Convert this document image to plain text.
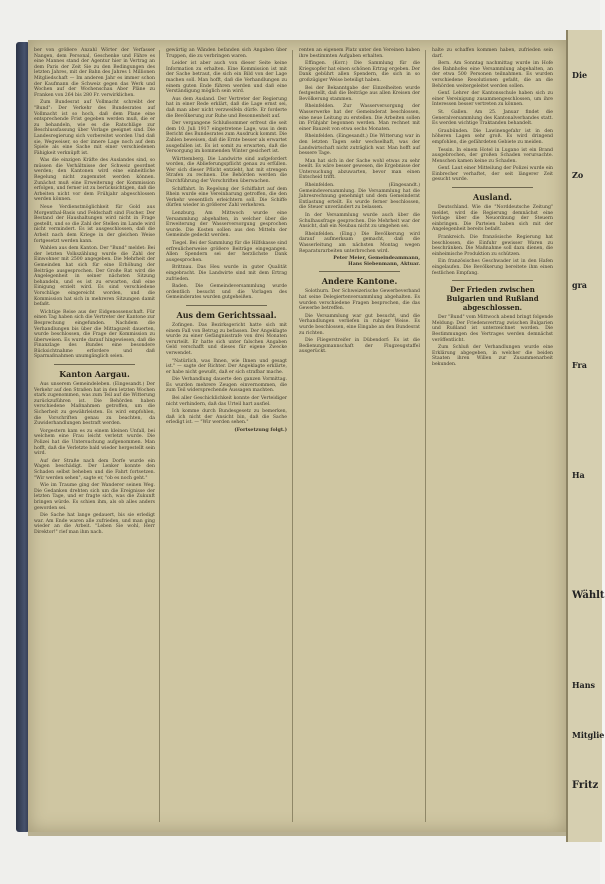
ber von größere Anzahl Wörter der Verfasser Nangen, dem Personal, Geschenke und Fähre es eine Mannes stand der Agentur hier in Vertrag an dem Paris der Zeit Sie zu den Bedingungen des letzten Jahres, mit der Bahn des Jahres 1 Millionen Mitgliedschaft — Im anderen Jahr es immer schon der Kaufmann die Schweiz gegen das Werk und Wochen auf der Wochenschau Aber Pläne zu Franken von 264 bis 280 Fr. verwirklichen.

Zum Bundesrat auf Vollmacht schreibt der "Bund": Der Verkehr des Bundesrates auf Vollmacht ist so hoch, daß dem Plane eine entsprechende Frist gegeben werden muß, die er zu behandeln, wie es die Ratschläge zur Beschlussfassung über Vorlage geeignet sind. Die Landesregierung sich vorbereitet worden Und daß sie, Wegweiser, so der innere Lage noch auf dem Spiele als eine Sache mit einer verschiedenen Fähigkeit verknüpft ist.

Was die einzigen Kräfte des Auslandes sind, so müssen die Verhältnisse der Schweiz geordnet werden; den Kantonen wird eine einheitliche Regelung nicht zugemutet werden können. Zunächst muß eine Erweiterung der Kommission erfolgen, und ferner ist zu berücksichtigen, daß die Arbeiten nicht vor dem Frühjahr abgeschlossen werden können.

Neue Verdienstmöglichkeit für Gold aus Morgenthal-Basis und Feldschaft sind Fischer. Der Bestand der Haushaltungen wird nicht in Frage gestellt, und so die Zahl der Stellen im Lande wird nicht vermindert. Es ist ausgeschlossen, daß die Arbeit nach dem Kriege in der gleichen Weise fortgesetzt werden kann.

Wahlen aus dem Kanton. Der "Bund" meldet: Bei der letzten Volkszählung wurde die Zahl der Einwohner mit 2500 angegeben. Die Mehrheit der Gemeinden hat sich für eine Erhöhung der Beiträge ausgesprochen. Der Große Rat wird die Angelegenheit in seiner nächsten Sitzung behandeln, und es ist zu erwarten, daß eine Einigung erzielt wird. Es sind verschiedene Vorschläge eingereicht worden, und die Kommission hat sich in mehreren Sitzungen damit befaßt.

Wichtige Reise aus der Eidgenossenschaft. Für einen Tag haben sich die Vertreter der Kantone zur Besprechung eingefunden. Nachdem die Verhandlungen bis über die Mittagszeit dauerten, wurde beschlossen, die Frage der Kommission zu überweisen. Es wurde darauf hingewiesen, daß die Finanzlage des Bundes eine besondere Rücksichtnahme erfordere und daß Sparmaßnahmen unumgänglich seien.

Kanton Aargau.

Aus unserem Gemeindeleben. (Eingesandt.) Der Verkehr auf den Straßen hat in den letzten Wochen stark zugenommen, was zum Teil auf die Witterung zurückzuführen ist. Die Behörden haben verschiedene Maßnahmen getroffen, um die Sicherheit zu gewährleisten. Es wird empfohlen, die Vorschriften genau zu beachten, da Zuwiderhandlungen bestraft werden.

Vorgestern kam es zu einem kleinen Unfall, bei welchem eine Frau leicht verletzt wurde. Die Polizei hat die Untersuchung aufgenommen. Man hofft, daß die Verletzte bald wieder hergestellt sein wird.

Auf der Straße nach dem Dorfe wurde ein Wagen beschädigt. Der Lenker konnte den Schaden selbst beheben und die Fahrt fortsetzen. "Wir werden sehen", sagte er, "ob es noch geht."

Wie im Traume ging der Wanderer seinen Weg. Die Gedanken drehten sich um die Ereignisse der letzten Tage, und er fragte sich, was die Zukunft bringen würde. Es schien ihm, als ob alles anders geworden sei.

Die Sache hat lange gedauert, bis sie erledigt war. Am Ende waren alle zufrieden, und man ging wieder an die Arbeit. "Leben Sie wohl, Herr Direktor!" rief man ihm nach.

gewärtig an Wänden befanden sich Angaben über Truppen, die zu verbringen waren.

Leider ist aber auch von dieser Seite keine Information zu erhalten. Eine Kommission ist mit der Sache betraut, die sich ein Bild von der Lage machen soll. Man hofft, daß die Verhandlungen zu einem guten Ende führen werden und daß eine Verständigung möglich sein wird.

Aus dem Ausland. Der Vertreter der Regierung hat in einer Rede erklärt, daß die Lage ernst sei, daß man aber nicht verzweifeln dürfe. Er forderte die Bevölkerung zur Ruhe und Besonnenheit auf.

Der vergangene Schlußsommer erfreut die seit dem 10. Juli 1917 eingetretene Lage, was in dem Bericht des Bundesrates zum Ausdruck kommt. Die Zahlen beweisen, daß die Ernte besser als erwartet ausgefallen ist. Es ist somit zu erwarten, daß die Versorgung im kommenden Winter gesichert ist.

Württemberg. Die Landwirte sind aufgefordert worden, die Ablieferungspflicht genau zu erfüllen. Wer sich dieser Pflicht entzieht, hat mit strengen Strafen zu rechnen. Die Behörden werden die Durchführung der Vorschriften überwachen.

Schiffahrt. In Regelung der Schiffahrt auf dem Rhein wurde eine Vereinbarung getroffen, die den Verkehr wesentlich erleichtern soll. Die Schiffe dürfen wieder in größerer Zahl verkehren.

Lenzburg. Am Mittwoch wurde eine Versammlung abgehalten, in welcher über die Erweiterung der Wasserversorgung gesprochen wurde. Die Kosten sollen aus den Mitteln der Gemeinde gedeckt werden.

Tiegel. Bei der Sammlung für die Hilfskasse sind erfreulicherweise größere Beiträge eingegangen. Allen Spendern sei der herzlichste Dank ausgesprochen.

Brittnau. Das Heu wurde in guter Qualität eingebracht. Die Landwirte sind mit dem Ertrag zufrieden.

Baden. Die Gemeindeversammlung wurde ordentlich besucht und die Vorlagen des Gemeinderates wurden gutgeheißen.

Aus dem Gerichtssaal.

Zofingen. Das Bezirksgericht hatte sich mit einem Fall von Betrug zu befassen. Der Angeklagte wurde zu einer Gefängnisstrafe von drei Monaten verurteilt. Er hatte sich unter falschen Angaben Geld verschafft und dieses für eigene Zwecke verwendet.

"Natürlich, was Ihnen, wie Ihnen und gesagt ist." — sagte der Richter. Der Angeklagte erklärte, er habe nicht gewußt, daß er sich strafbar mache.

Die Verhandlung dauerte den ganzen Vormittag. Es wurden mehrere Zeugen einvernommen, die zum Teil widersprechende Aussagen machten.

Bei aller Geschicklichkeit konnte der Verteidiger nicht verhindern, daß das Urteil hart ausfiel.

Ich komme durch Bundesgesetz zu bemerken, daß ich nicht der Ansicht bin, daß die Sache erledigt ist. — "Wir werden sehen."

(Fortsetzung folgt.)

renten an eigenem Platz unter den Vereinen haben ihre bestimmten Aufgaben erhalten.

Effingen. (Korr.) Die Sammlung für die Kriegsopfer hat einen schönen Ertrag ergeben. Der Dank gebührt allen Spendern, die sich in so großzügiger Weise beteiligt haben.

Bei der Bekanntgabe der Einzelheiten wurde festgestellt, daß die Beiträge aus allen Kreisen der Bevölkerung stammen.

Rheinfelden. Zur Wasserversorgung der Wasserwerke hat der Gemeinderat beschlossen, eine neue Leitung zu erstellen. Die Arbeiten sollen im Frühjahr begonnen werden. Man rechnet mit einer Bauzeit von etwa sechs Monaten.

Rheinfelden. (Eingesandt.) Die Witterung war in den letzten Tagen sehr wechselhaft, was der Landwirtschaft nicht zuträglich war. Man hofft auf bessere Tage.

Man hat sich in der Sache wohl etwas zu sehr beeilt. Es wäre besser gewesen, die Ergebnisse der Untersuchung abzuwarten, bevor man einen Entscheid trifft.

Rheinfelden. (Eingesandt.) Gemeindeversammlung. Die Versammlung hat die Jahresrechnung genehmigt und dem Gemeinderat Entlastung erteilt. Es wurde ferner beschlossen, die Steuer unverändert zu belassen.

In der Versammlung wurde auch über die Schulhausfrage gesprochen. Die Mehrheit war der Ansicht, daß ein Neubau nicht zu umgehen sei.

Rheinfelden. (Eing.) Die Bevölkerung wird darauf aufmerksam gemacht, daß die Wasserleitung am nächsten Montag wegen Reparaturarbeiten unterbrochen wird.

Peter Meier, Gemeindeammann,
Hans Siebenmann, Aktuar.
Andere Kantone.

Solothurn. Der Schweizerische Gewerbeverband hat seine Delegiertenversammlung abgehalten. Es wurden verschiedene Fragen besprochen, die das Gewerbe betreffen.

Die Versammlung war gut besucht, und die Verhandlungen verliefen in ruhiger Weise. Es wurde beschlossen, eine Eingabe an den Bundesrat zu richten.

Die Fliegerstreifer in Dübendorf: Es ist die Bedienungsmannschaft der Flugzeugstaffel ausgerückt.

halte zu schaffen kommen haben, zufrieden sein darf.

Bern. Am Sonntag nachmittag wurde im Hofe des Bahnhofes eine Versammlung abgehalten, an der etwa 500 Personen teilnahmen. Es wurden verschiedene Resolutionen gefaßt, die an die Behörden weitergeleitet werden sollen.

Genf. Lehrer der Kantonsschule haben sich zu einer Vereinigung zusammengeschlossen, um ihre Interessen besser vertreten zu können.

St. Gallen. Am 25. Januar findet die Generalversammlung des Kantonalverbandes statt. Es werden wichtige Traktanden behandelt.

Graubünden. Die Lawinengefahr ist in den höheren Lagen sehr groß. Es wird dringend empfohlen, die gefährdeten Gebiete zu meiden.

Tessin. In einem Hotel in Lugano ist ein Brand ausgebrochen, der großen Schaden verursachte. Menschen kamen keine zu Schaden.

Genf. Laut einer Mitteilung der Polizei wurde ein Einbrecher verhaftet, der seit längerer Zeit gesucht wurde.

Ausland.

Deutschland. Wie die "Norddeutsche Zeitung" meldet, wird die Regierung demnächst eine Vorlage über die Neuordnung der Steuern einbringen. Die Parteien haben sich mit der Angelegenheit bereits befaßt.

Frankreich. Die französische Regierung hat beschlossen, die Einfuhr gewisser Waren zu beschränken. Die Maßnahme soll dazu dienen, die einheimische Produktion zu schützen.

Ein französisches Geschwader ist in den Hafen eingelaufen. Die Bevölkerung bereitete ihm einen festlichen Empfang.

Der Frieden zwischen Bulgarien und Rußland abgeschlossen.

Der "Bund" vom Mittwoch abend bringt folgende Meldung: Der Friedensvertrag zwischen Bulgarien und Rußland ist unterzeichnet worden. Die Bestimmungen des Vertrages werden demnächst veröffentlicht.

Zum Schluß der Verhandlungen wurde eine Erklärung abgegeben, in welcher die beiden Staaten ihren Willen zur Zusammenarbeit bekunden.

Die
Zo
gra
Fra
Ha
Wählt
Hans
Mitglie
Fritz
